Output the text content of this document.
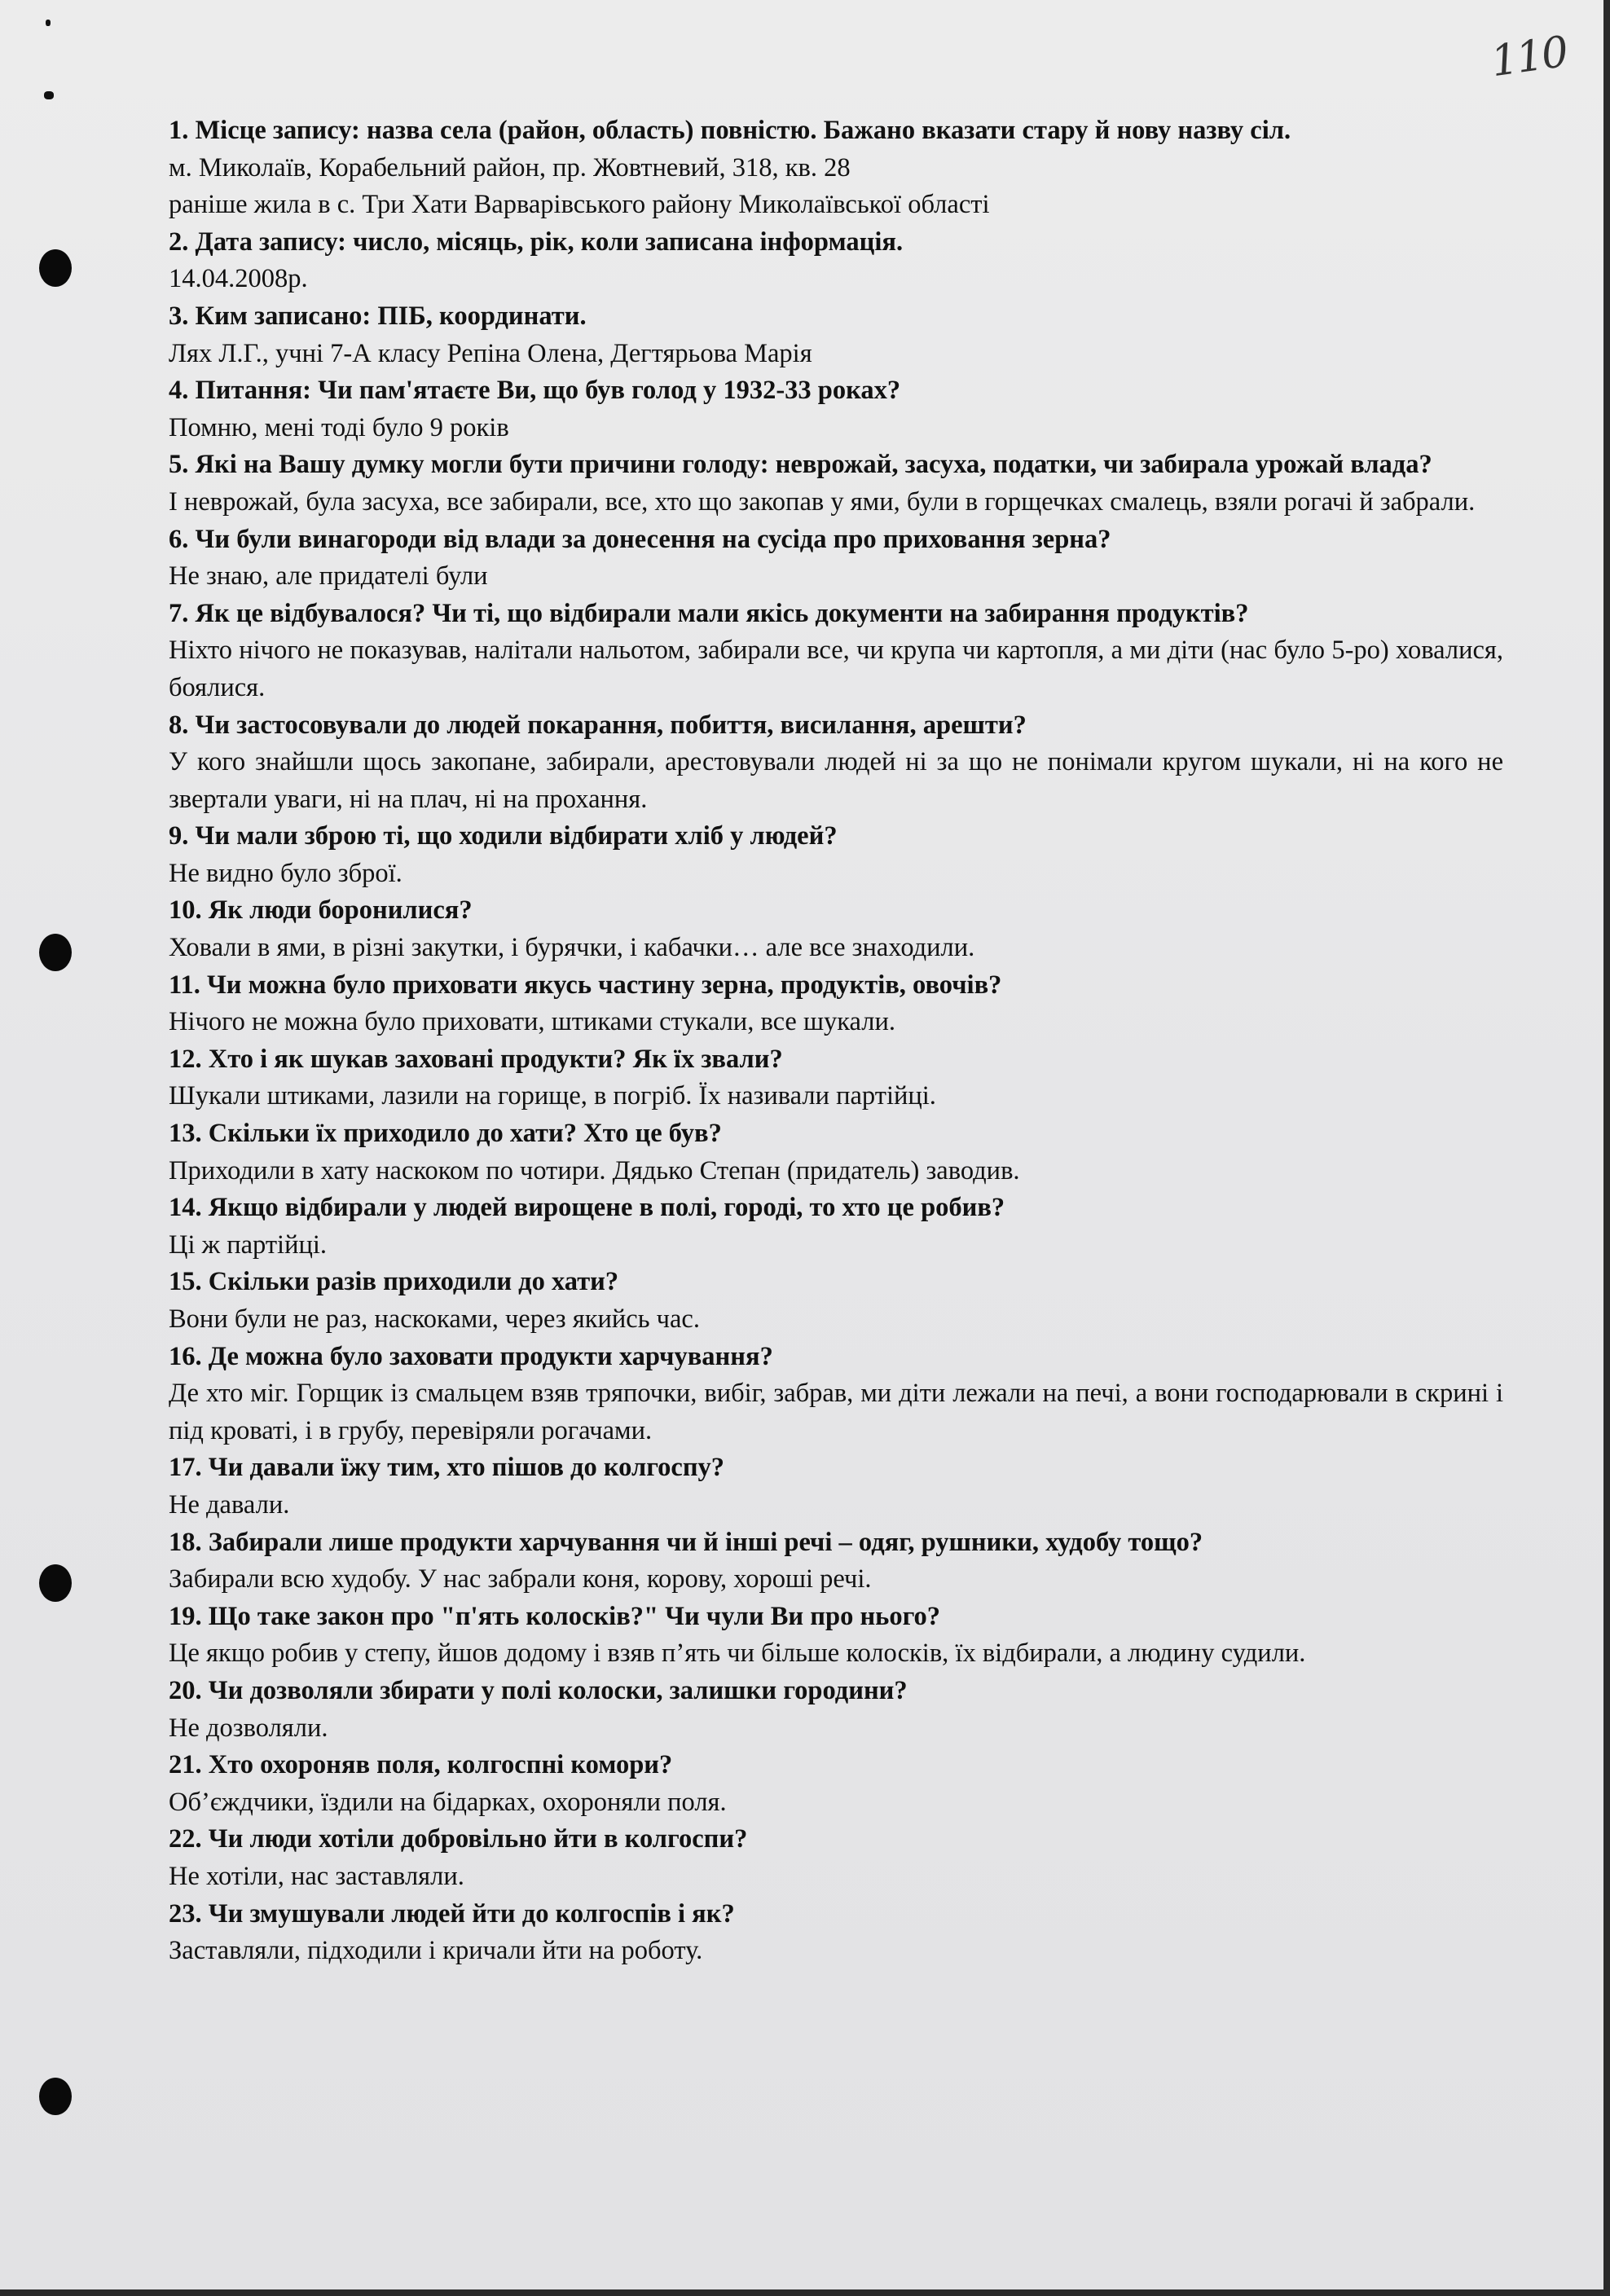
110
1. Місце запису: назва села (район, область) повністю. Бажано вказати стару й нову назву сіл.
м. Миколаїв, Корабельний район, пр. Жовтневий, 318, кв. 28
раніше жила в с. Три Хати Варварівського району Миколаївської області
2. Дата запису: число, місяць, рік, коли записана інформація.
14.04.2008р.
3. Ким записано: ПІБ, координати.
Лях Л.Г., учні 7-А класу Репіна Олена, Дегтярьова Марія
4. Питання: Чи пам'ятаєте Ви, що був голод у 1932-33 роках?
Помню, мені тоді було 9 років
5. Які на Вашу думку могли бути причини голоду: неврожай, засуха, податки, чи забирала урожай влада?
І неврожай, була засуха, все забирали, все, хто що закопав у ями, були в горщечках смалець, взяли рогачі й забрали.
6. Чи були винагороди від влади за донесення на сусіда про приховання зерна?
Не знаю, але придателі були
7. Як це відбувалося? Чи ті, що відбирали мали якісь документи на забирання продуктів?
Ніхто нічого не показував, налітали нальотом, забирали все, чи крупа чи картопля, а ми діти (нас було 5-ро) ховалися, боялися.
8. Чи застосовували до людей покарання, побиття, висилання, арешти?
У кого знайшли щось закопане, забирали, арестовували людей ні за що не понімали кругом шукали, ні на кого не звертали уваги, ні на плач, ні на прохання.
9. Чи мали зброю ті, що ходили відбирати хліб у людей?
Не видно було зброї.
10. Як люди боронилися?
Ховали в ями, в різні закутки, і бурячки, і кабачки… але все знаходили.
11. Чи можна було приховати якусь частину зерна, продуктів, овочів?
Нічого не можна було приховати, штиками стукали, все шукали.
12. Хто і як шукав заховані продукти? Як їх звали?
Шукали штиками, лазили на горище, в погріб. Їх називали партійці.
13. Скільки їх приходило до хати? Хто це був?
Приходили в хату наскоком по чотири. Дядько Степан (придатель) заводив.
14. Якщо відбирали у людей вирощене в полі, городі, то хто це робив?
Ці ж партійці.
15. Скільки разів приходили до хати?
Вони були не раз, наскоками, через якийсь час.
16. Де можна було заховати продукти харчування?
Де хто міг. Горщик із смальцем взяв тряпочки, вибіг, забрав, ми діти лежали на печі, а вони господарювали в скрині і під кроваті, і в грубу, перевіряли рогачами.
17. Чи давали їжу тим, хто пішов до колгоспу?
Не давали.
18. Забирали лише продукти харчування чи й інші речі – одяг, рушники, худобу тощо?
Забирали всю худобу. У нас забрали коня, корову, хороші речі.
19. Що таке закон про "п'ять колосків?" Чи чули Ви про нього?
Це якщо робив у степу, йшов додому і взяв п’ять чи більше колосків, їх відбирали, а людину судили.
20. Чи дозволяли збирати у полі колоски, залишки городини?
Не дозволяли.
21. Хто охороняв поля, колгоспні комори?
Об’єждчики, їздили на бідарках, охороняли поля.
22. Чи люди хотіли добровільно йти в колгоспи?
Не хотіли, нас заставляли.
23. Чи змушували людей йти до колгоспів і як?
Заставляли, підходили і кричали йти на роботу.
